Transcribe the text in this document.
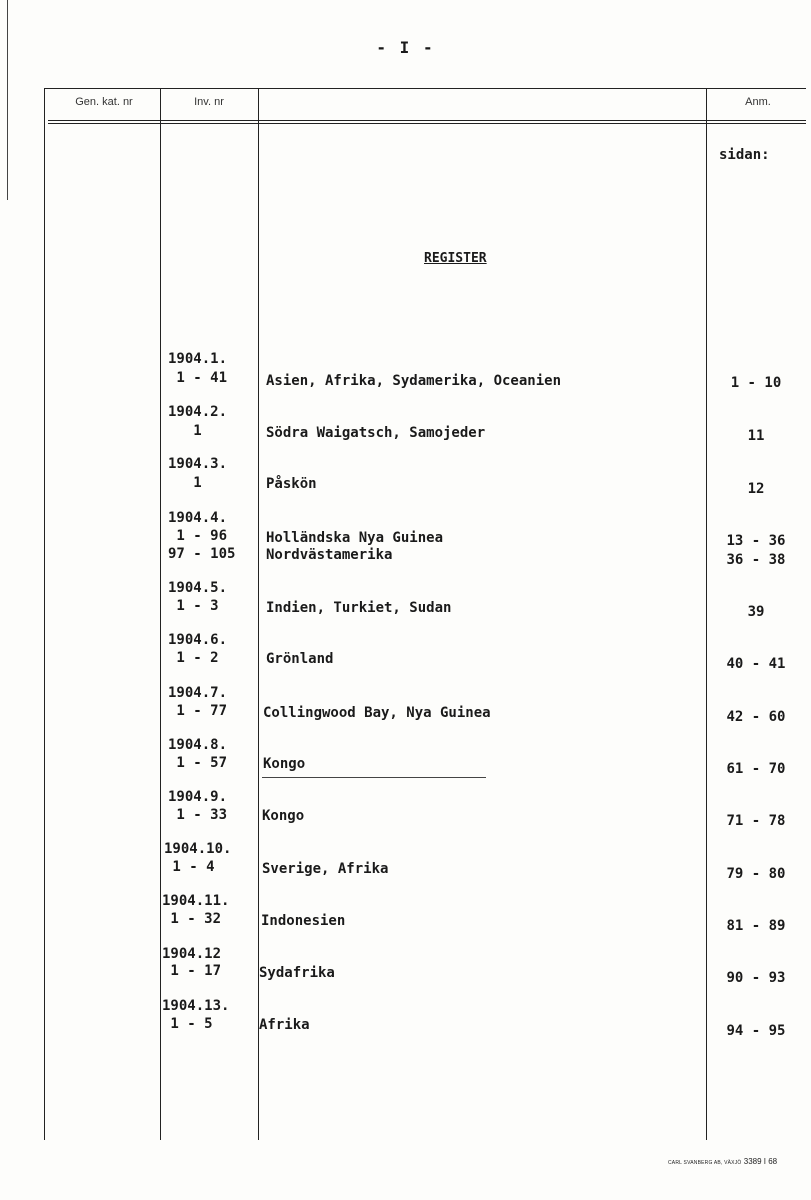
- I -
Gen. kat. nr	Inv. nr	Anm.
sidan:
REGISTER
1904.1.
1 - 41	Asien, Afrika, Sydamerika, Oceanien	1 - 10
1904.2.
1	Södra Waigatsch, Samojeder	11
1904.3.
1	Påskön	12
1904.4.
1 - 96	Holländska Nya Guinea	13 - 36
97 - 105 Nordvästamerika	36 - 38
1904.5.
1 - 3	Indien, Turkiet, Sudan	39
1904.6.
1 - 2	Grönland	40 - 41
1904.7.
1 - 77	Collingwood Bay, Nya Guinea	42 - 60
1904.8.
1 - 57	Kongo	61 - 70
1904.9.
1 - 33 Kongo	71 - 78
1904.10.
1 - 4	Sverige, Afrika	79 - 80
1904.11.
1 - 32	Indonesien	81 - 89
1904.12
1 - 17	Sydafrika	90 - 93
1904.13.
1 - 5	Afrika	94 - 95
CARL SVANBERG AB, VÄXJÖ 3389 I 68
